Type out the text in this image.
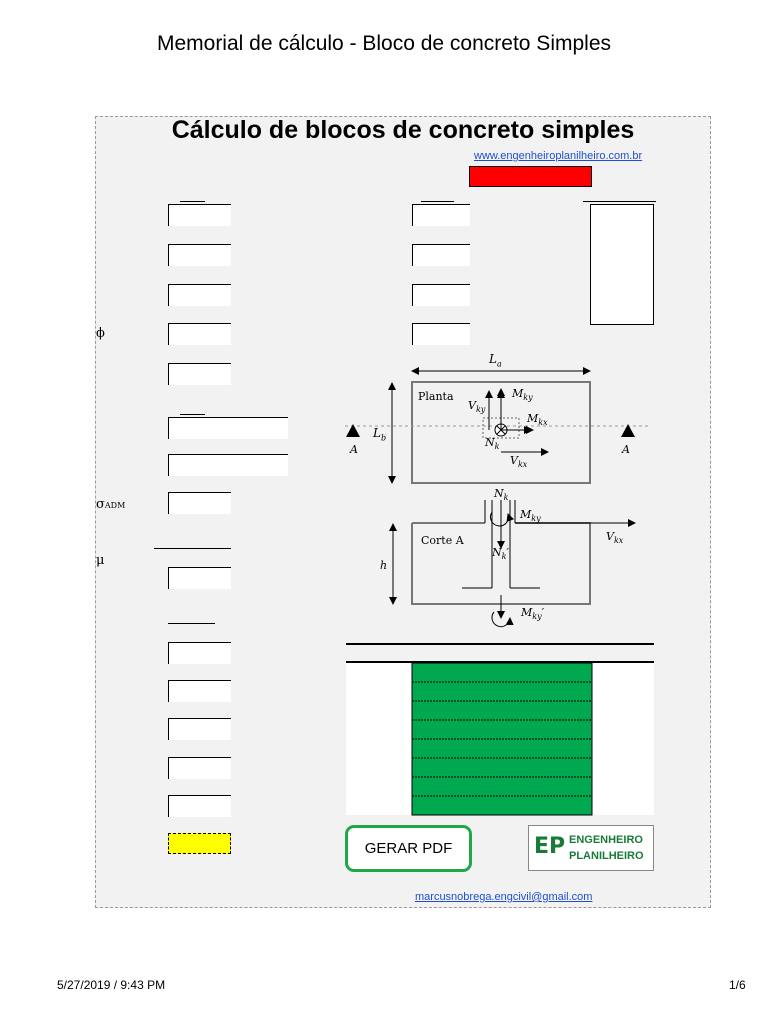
Memorial de cálculo - Bloco de concreto Simples
Cálculo de blocos de concreto simples
www.engenheiroplanilheiro.com.br
ϕ
σADM
μ
$L_a$
Planta
$L_b$
$M_{ky}$
$V_{ky}$
$M_{kx}$
$N_k$
$V_{kx}$
A	A
$N_k$
$M_{ky}$
Corte A	$V_{kx}$
$N_k'$
h
$M_{ky}'$
GERAR PDF	EP ENGENHEIRO
PLANILHEIRO
marcusnobrega.engcivil@gmail.com
5/27/2019 / 9:43 PM	1/6
